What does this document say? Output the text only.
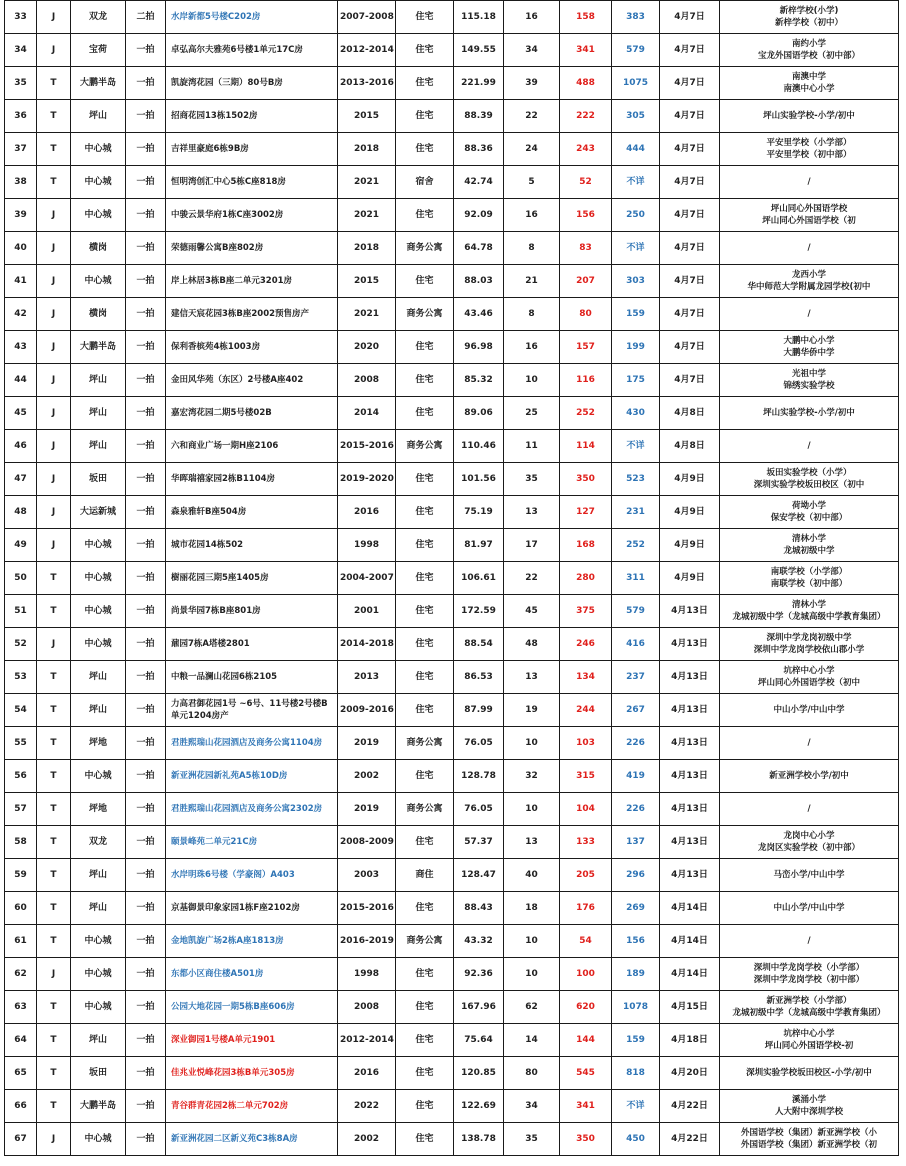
33	J	双龙	二拍	水岸新都5号楼C202房	2007-2008	住宅	115.18	16	158	383	4月7日	新梓学校(小学)
新梓学校（初中）

34	J	宝荷	一拍	卓弘高尔夫雅苑6号楼1单元17C房	2012-2014	住宅	149.55	34	341	579	4月7日	南约小学
宝龙外国语学校（初中部）

35	T	大鹏半岛	一拍	凯旋湾花园（三期）80号B房	2013-2016	住宅	221.99	39	488	1075	4月7日	南澳中学
南澳中心小学

36	T	坪山	一拍	招商花园13栋1502房	2015	住宅	88.39	22	222	305	4月7日	坪山实验学校-小学/初中

37	T	中心城	一拍	吉祥里豪庭6栋9B房	2018	住宅	88.36	24	243	444	4月7日	平安里学校（小学部）
平安里学校（初中部）

38	T	中心城	一拍	恒明湾创汇中心5栋C座818房	2021	宿舍	42.74	5	52	不详	4月7日	/

39	J	中心城	一拍	中骏云景华府1栋C座3002房	2021	住宅	92.09	16	156	250	4月7日	坪山同心外国语学校
坪山同心外国语学校（初

40	J	横岗	一拍	荣德雨馨公寓B座802房	2018	商务公寓	64.78	8	83	不详	4月7日	/

41	J	中心城	一拍	岸上林居3栋B座二单元3201房	2015	住宅	88.03	21	207	303	4月7日	龙西小学
华中师范大学附属龙园学校(初中

42	J	横岗	一拍	建信天宸花园3栋B座2002预售房产	2021	商务公寓	43.46	8	80	159	4月7日	/

43	J	大鹏半岛	一拍	保利香槟苑4栋1003房	2020	住宅	96.98	16	157	199	4月7日	大鹏中心小学
大鹏华侨中学

44	J	坪山	一拍	金田风华苑（东区）2号楼A座402	2008	住宅	85.32	10	116	175	4月7日	光祖中学
锦绣实验学校

45	J	坪山	一拍	嘉宏湾花园二期5号楼02B	2014	住宅	89.06	25	252	430	4月8日	坪山实验学校-小学/初中

46	J	坪山	一拍	六和商业广场一期H座2106	2015-2016	商务公寓	110.46	11	114	不详	4月8日	/

47	J	坂田	一拍	华晖瑞禧家园2栋B1104房	2019-2020	住宅	101.56	35	350	523	4月9日	坂田实验学校（小学）
深圳实验学校坂田校区（初中

48	J	大运新城	一拍	森泉雅轩B座504房	2016	住宅	75.19	13	127	231	4月9日	荷坳小学
保安学校（初中部）

49	J	中心城	一拍	城市花园14栋502	1998	住宅	81.97	17	168	252	4月9日	清林小学
龙城初级中学

50	T	中心城	一拍	樹丽花园三期5座1405房	2004-2007	住宅	106.61	22	280	311	4月9日	南联学校（小学部）
南联学校（初中部）

51	T	中心城	一拍	尚景华园7栋B座801房	2001	住宅	172.59	45	375	579	4月13日	清林小学
龙城初级中学（龙城高级中学教育集团）

52	J	中心城	一拍	鼐园7栋A塔楼2801	2014-2018	住宅	88.54	48	246	416	4月13日	深圳中学龙岗初级中学
深圳中学龙岗学校依山郡小学

53	T	坪山	一拍	中粮一品澜山花园6栋2105	2013	住宅	86.53	13	134	237	4月13日	坑梓中心小学
坪山同心外国语学校（初中

54	T	坪山	一拍	力高君御花园1号 ~6号、11号楼2号楼B单元1204房产	2009-2016	住宅	87.99	19	244	267	4月13日	中山小学/中山中学

55	T	坪地	一拍	君胜熙瑞山花园酒店及商务公寓1104房	2019	商务公寓	76.05	10	103	226	4月13日	/

56	T	中心城	一拍	新亚洲花园新礼苑A5栋10D房	2002	住宅	128.78	32	315	419	4月13日	新亚洲学校小学/初中

57	T	坪地	一拍	君胜熙瑞山花园酒店及商务公寓2302房	2019	商务公寓	76.05	10	104	226	4月13日	/

58	T	双龙	一拍	颐景峰苑二单元21C房	2008-2009	住宅	57.37	13	133	137	4月13日	龙岗中心小学
龙岗区实验学校（初中部）

59	T	坪山	一拍	水岸明珠6号楼（学豪阁）A403	2003	商住	128.47	40	205	296	4月13日	马峦小学/中山中学

60	T	坪山	一拍	京基御景印象家园1栋F座2102房	2015-2016	住宅	88.43	18	176	269	4月14日	中山小学/中山中学

61	T	中心城	一拍	金地凯旋广场2栋A座1813房	2016-2019	商务公寓	43.32	10	54	156	4月14日	/

62	J	中心城	一拍	东都小区商住楼A501房	1998	住宅	92.36	10	100	189	4月14日	深圳中学龙岗学校（小学部）
深圳中学龙岗学校（初中部）

63	T	中心城	一拍	公园大地花园一期5栋B座606房	2008	住宅	167.96	62	620	1078	4月15日	新亚洲学校（小学部）
龙城初级中学（龙城高级中学教育集团）

64	T	坪山	一拍	深业御园1号楼A单元1901	2012-2014	住宅	75.64	14	144	159	4月18日	坑梓中心小学
坪山同心外国语学校-初

65	T	坂田	一拍	佳兆业悦峰花园3栋B单元305房	2016	住宅	120.85	80	545	818	4月20日	深圳实验学校坂田校区-小学/初中

66	T	大鹏半岛	一拍	青谷群青花园2栋二单元702房	2022	住宅	122.69	34	341	不详	4月22日	溪涌小学
人大附中深圳学校

67	J	中心城	一拍	新亚洲花园二区新义苑C3栋8A房	2002	住宅	138.78	35	350	450	4月22日	外国语学校（集团）新亚洲学校（小
外国语学校（集团）新亚洲学校（初
